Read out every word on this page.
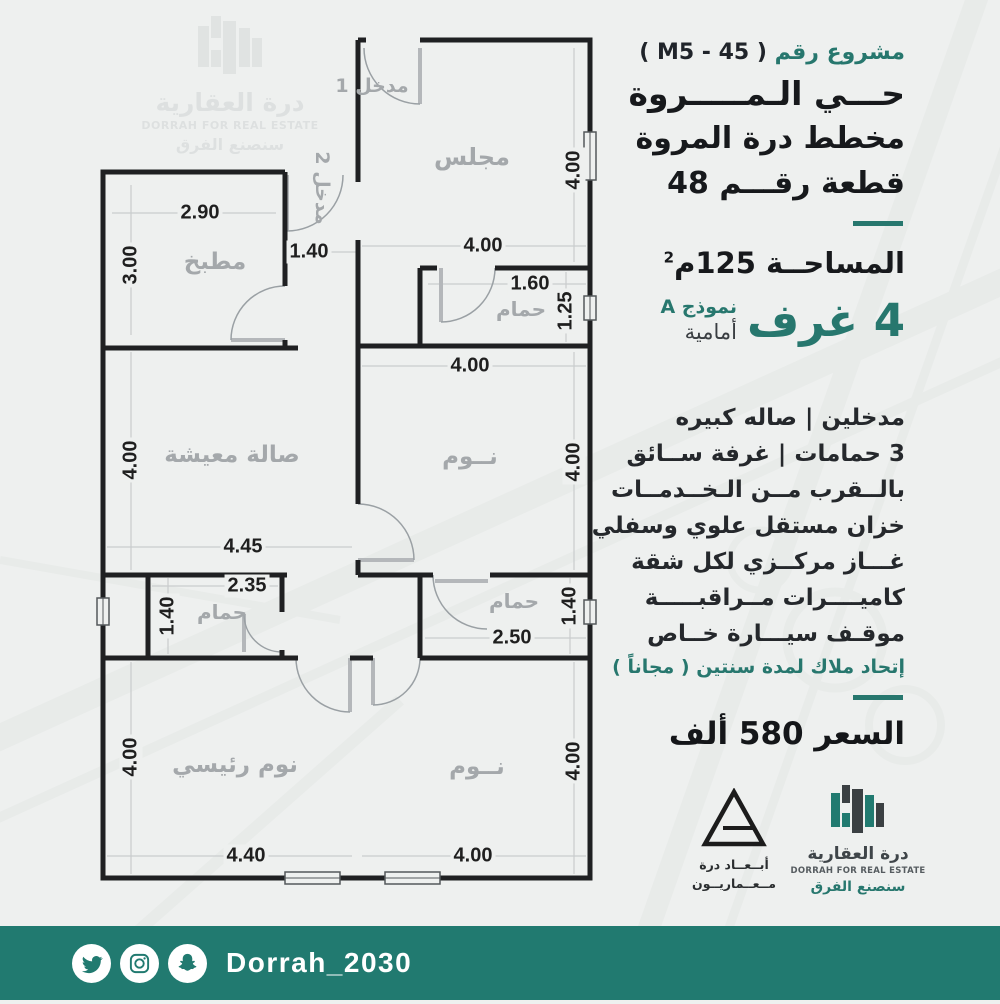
درة العقارية
DORRAH FOR REAL ESTATE
سنصنع الفرق	مجلس
مطبخ
حمام
صالة معيشة	نــوم
حمام	حمام
نوم رئيسي	نــوم
مدخل 1
مدخل 2
2.90
3.00	1.40	4.00
4.00
1.60
1.25
4.00
4.00
4.00
4.45
2.35
1.40
2.50
1.40
4.00
4.40
4.00
4.00
مشروع رقم ( M5 - 45 )
حـــي الـمـــــروة
مخطط درة المروة
قطعة رقـــم 48
المساحــة 125م$^2$
4 غرف
نموذج A
أمامية
مدخلين | صاله كبيره
3 حمامات | غرفة ســائق
بالــقرب مــن الـخــدمــات
خزان مستقل علوي وسفلي
غـــاز مركــزي لكل شقة
كاميــــرات مــراقبـــــة
موقـف سيـــارة خــاص
إتحاد ملاك لمدة سنتين ( مجاناً )
السعر 580 ألف
أبــعــاد درة
مــعــماريــون
درة العقارية
DORRAH FOR REAL ESTATE
سنصنع الفرق
Dorrah_2030
